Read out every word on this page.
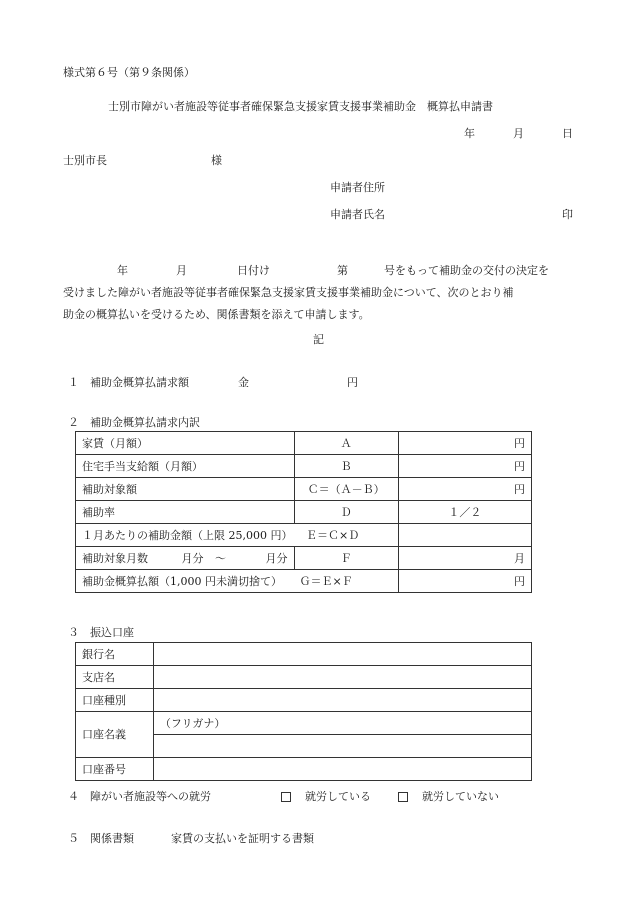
様式第６号（第９条関係）
士別市障がい者施設等従事者確保緊急支援家賃支援事業補助金　概算払申請書
年	月	日
士別市長	様
申請者住所
申請者氏名	印
年	月	日付け	第	号をもって補助金の交付の決定を
受けました障がい者施設等従事者確保緊急支援家賃支援事業補助金について、次のとおり補
助金の概算払いを受けるため、関係書類を添えて申請します。
記
１　補助金概算払請求額	金	円
２　補助金概算払請求内訳
家賃（月額）	Ａ	円
住宅手当支給額（月額）	Ｂ	円
補助対象額	Ｃ＝（Ａ－Ｂ）	円
補助率	Ｄ	１／２
１月あたりの補助金額（上限 25,000 円） Ｅ＝Ｃ×Ｄ		
補助対象月数 月分 ～ 月分	Ｆ	月
補助金概算払額（1,000 円未満切捨て） Ｇ＝Ｅ×Ｆ		円
３　振込口座
銀行名	
支店名	
口座種別	
口座名義	（フリガナ）

口座番号	
４　障がい者施設等への就労	就労している	就労していない
５　関係書類	家賃の支払いを証明する書類
